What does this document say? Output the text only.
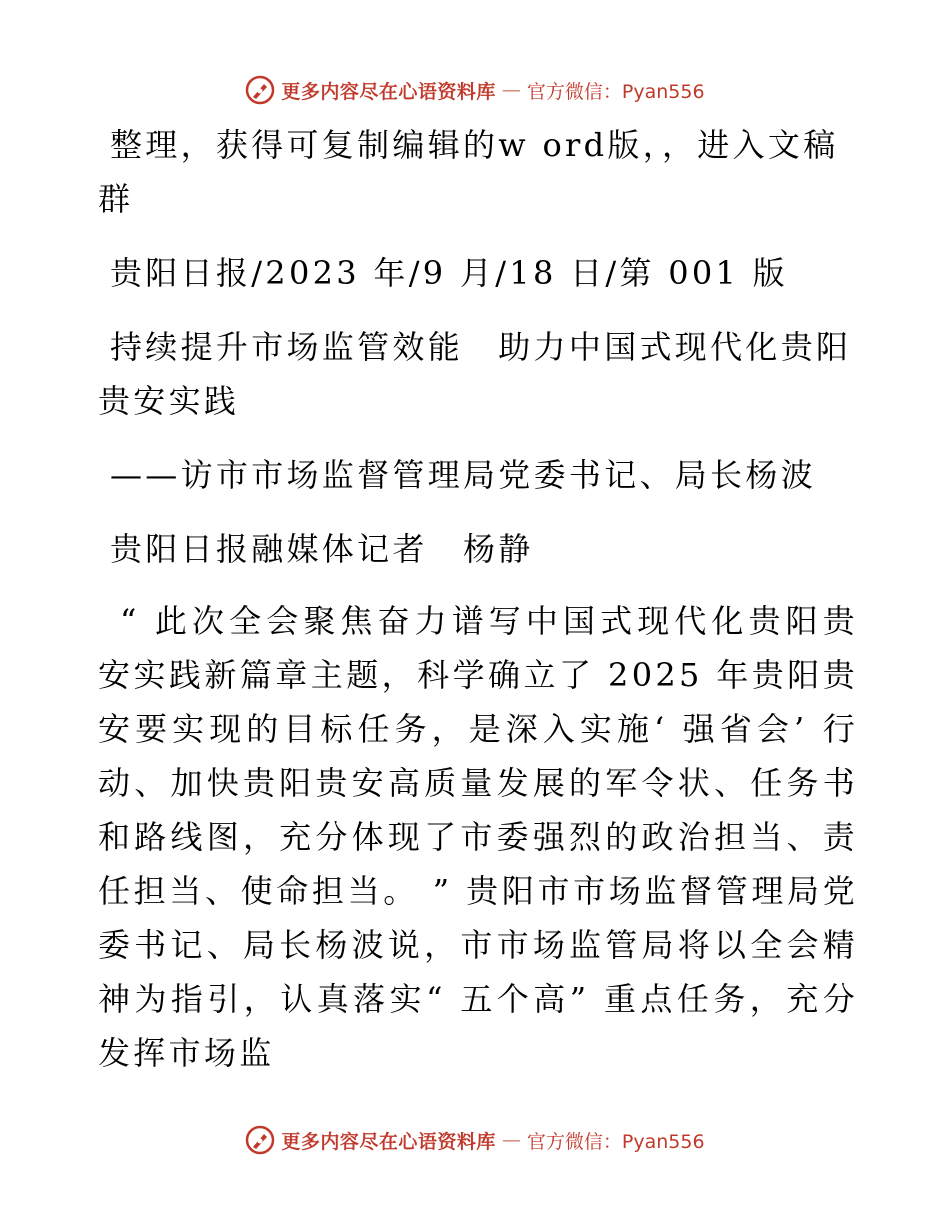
更多内容尽在心语资料库 — 官方微信：Pyan556

整理，获得可复制编辑的w ord版，，进入文稿群

贵阳日报/2023 年/9 月/18 日/第 001 版

持续提升市场监管效能　助力中国式现代化贵阳贵安实践

——访市市场监督管理局党委书记、局长杨波

贵阳日报融媒体记者　杨静

“ 此次全会聚焦奋力谱写中国式现代化贵阳贵安实践新篇章主题，科学确立了 2025 年贵阳贵安要实现的目标任务，是深入实施‘ 强省会’ 行动、加快贵阳贵安高质量发展的军令状、任务书和路线图，充分体现了市委强烈的政治担当、责任担当、使命担当。 ” 贵阳市市场监督管理局党委书记、局长杨波说，市市场监管局将以全会精神为指引，认真落实“ 五个高” 重点任务，充分发挥市场监

更多内容尽在心语资料库 — 官方微信：Pyan556
